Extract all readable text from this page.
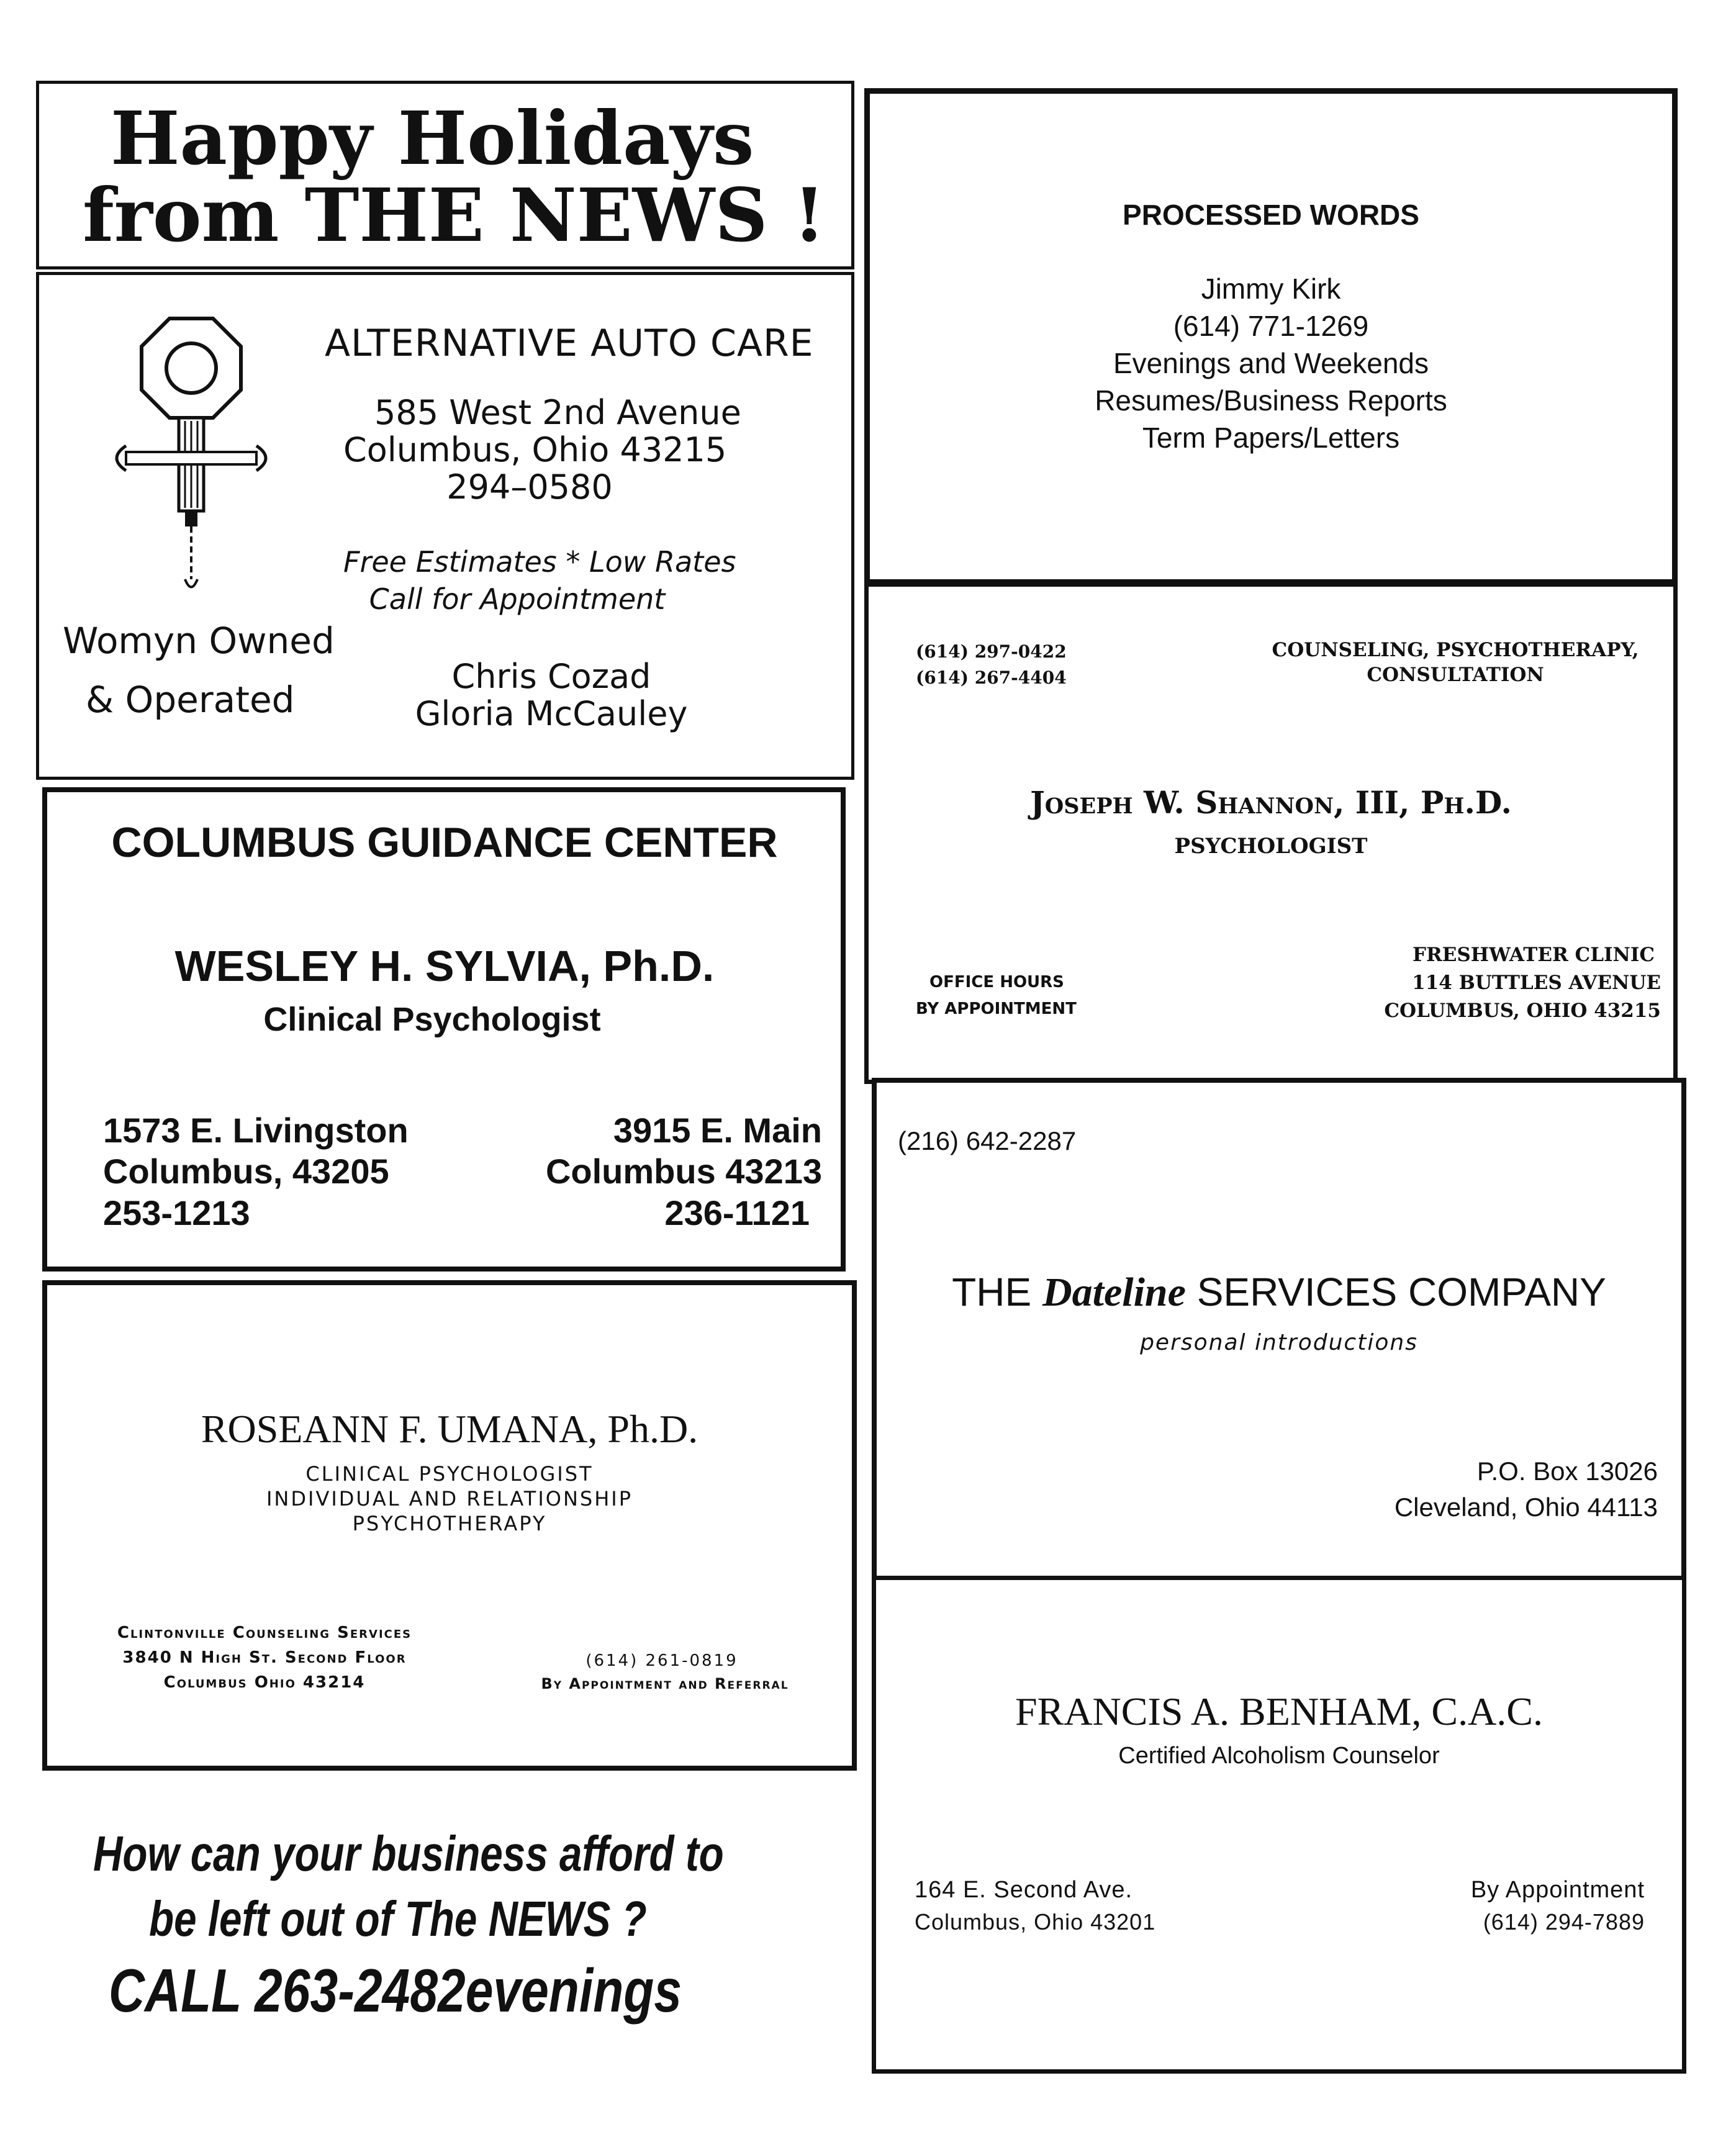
Happy Holidays
from THE NEWS !
ALTERNATIVE AUTO CARE
585 West 2nd Avenue
Columbus, Ohio 43215
294–0580
Free Estimates * Low Rates
Call for Appointment
Womyn Owned
& Operated
Chris Cozad
Gloria McCauley
COLUMBUS GUIDANCE CENTER
WESLEY H. SYLVIA, Ph.D.
Clinical Psychologist
1573 E. Livingston
Columbus, 43205
253-1213
3915 E. Main
Columbus 43213
236-1121
ROSEANN F. UMANA, Ph.D.
CLINICAL PSYCHOLOGIST
INDIVIDUAL AND RELATIONSHIP
PSYCHOTHERAPY
Clintonville Counseling Services
3840 N High St. Second Floor
Columbus Ohio 43214
(614) 261-0819
By Appointment and Referral
How can your business afford to
be left out of The NEWS ?
CALL 263-2482evenings
PROCESSED WORDS
Jimmy Kirk
(614) 771-1269
Evenings and Weekends
Resumes/Business Reports
Term Papers/Letters
(614) 297-0422
(614) 267-4404
COUNSELING, PSYCHOTHERAPY,
CONSULTATION
Joseph W. Shannon, III, Ph.D.
PSYCHOLOGIST
OFFICE HOURS
BY APPOINTMENT
FRESHWATER CLINIC
114 BUTTLES AVENUE
COLUMBUS, OHIO 43215
(216) 642-2287
THE Dateline SERVICES COMPANY
personal introductions
P.O. Box 13026
Cleveland, Ohio 44113
FRANCIS A. BENHAM, C.A.C.
Certified Alcoholism Counselor
164 E. Second Ave.
Columbus, Ohio 43201
By Appointment
(614) 294-7889
